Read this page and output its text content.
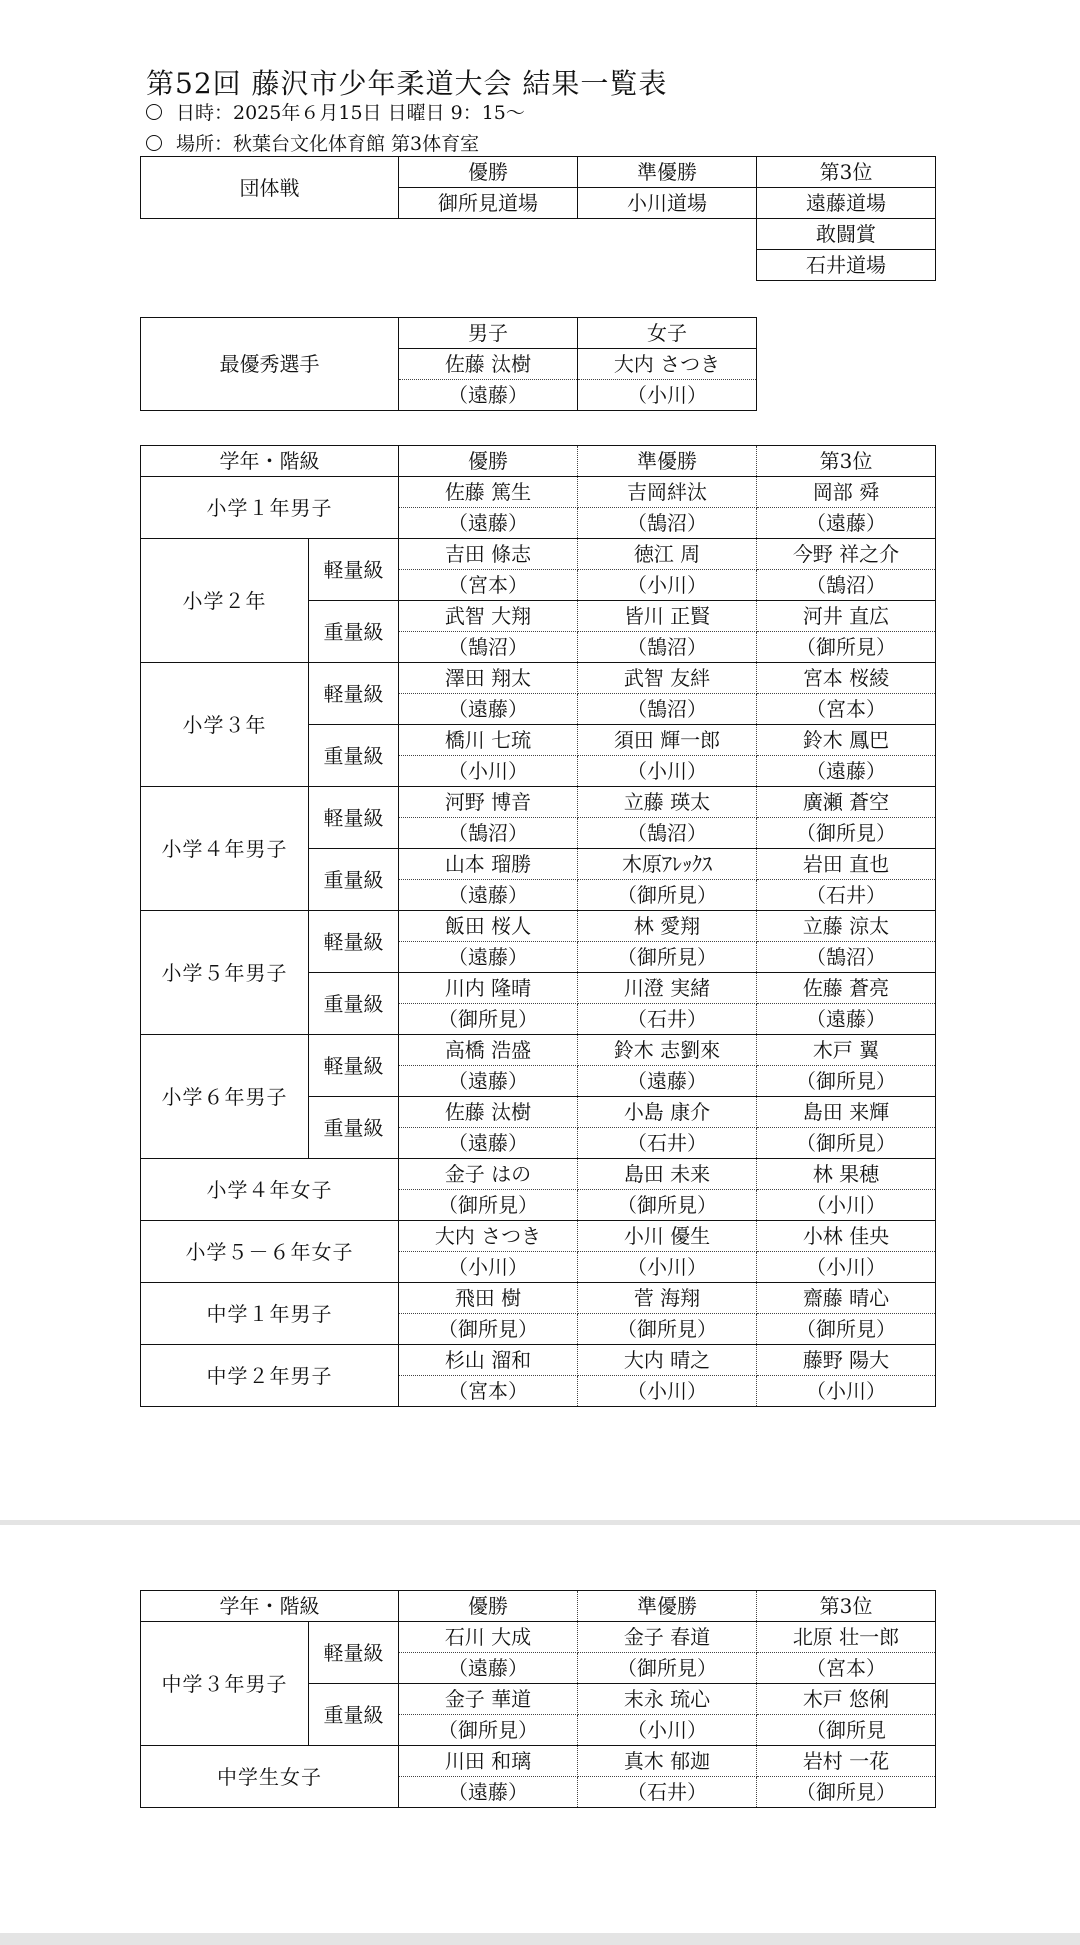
第52回 藤沢市少年柔道大会 結果一覧表
日時：2025年６月15日 日曜日 9：15～
場所：秋葉台文化体育館 第3体育室
団体戦	優勝	準優勝	第3位
	御所見道場	小川道場	遠藤道場
			敢闘賞
			石井道場
最優秀選手	男子	女子
	佐藤 汰樹	大内 さつき
	（遠藤）	（小川）
学年・階級		優勝	準優勝	第3位
小学１年男子		佐藤 篤生	吉岡絆汰	岡部 舜
		（遠藤）	（鵠沼）	（遠藤）
小学２年	軽量級	吉田 條志	徳江 周	今野 祥之介
		（宮本）	（小川）	（鵠沼）
	重量級	武智 大翔	皆川 正賢	河井 直広
		（鵠沼）	（鵠沼）	（御所見）
小学３年	軽量級	澤田 翔太	武智 友絆	宮本 桜綾
		（遠藤）	（鵠沼）	（宮本）
	重量級	橋川 七琉	須田 輝一郎	鈴木 鳳巴
		（小川）	（小川）	（遠藤）
小学４年男子	軽量級	河野 博音	立藤 瑛太	廣瀬 蒼空
		（鵠沼）	（鵠沼）	（御所見）
	重量級	山本 瑠勝	木原ｱﾚｯｸｽ	岩田 直也
		（遠藤）	（御所見）	（石井）
小学５年男子	軽量級	飯田 桜人	林 愛翔	立藤 涼太
		（遠藤）	（御所見）	（鵠沼）
	重量級	川内 隆晴	川澄 実緒	佐藤 蒼亮
		（御所見）	（石井）	（遠藤）
小学６年男子	軽量級	高橋 浩盛	鈴木 志劉來	木戸 翼
		（遠藤）	（遠藤）	（御所見）
	重量級	佐藤 汰樹	小島 康介	島田 来輝
		（遠藤）	（石井）	（御所見）
小学４年女子		金子 はの	島田 未来	林 果穂
		（御所見）	（御所見）	（小川）
小学５－６年女子		大内 さつき	小川 優生	小林 佳央
		（小川）	（小川）	（小川）
中学１年男子		飛田 樹	菅 海翔	齋藤 晴心
		（御所見）	（御所見）	（御所見）
中学２年男子		杉山 溜和	大内 晴之	藤野 陽大
		（宮本）	（小川）	（小川）
学年・階級		優勝	準優勝	第3位
中学３年男子	軽量級	石川 大成	金子 春道	北原 壮一郎
		（遠藤）	（御所見）	（宮本）
	重量級	金子 華道	末永 琉心	木戸 悠俐
		（御所見）	（小川）	（御所見
中学生女子		川田 和璃	真木 郁迦	岩村 一花
		（遠藤）	（石井）	（御所見）
